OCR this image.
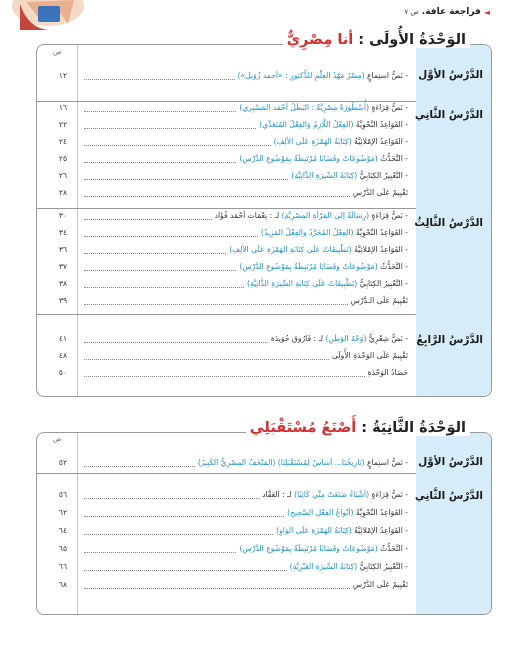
◄
فراجعة عافة.
ص ٧
ص
الدَّرْسُ الأوَّل
- نَصُّ استِماعٍ (مِصْرُ مَهْدُ العِلْمِ للدُّكتورِ : «أحمد زُوَيل»)
١٢
الدَّرْسُ الثَّانِي
- نَصُّ قِرَاءَةٍ (أُسْطُورَةٌ مِصْرِيَّةٌ : البَطَلُ أحْمَد المَسْيِري)
١٦
- القَوَاعِدُ النَّحْوِيَّةُ (الفِعْلُ اللَّازِمُ وَالفِعْلُ المُتَعَدِّي)
٢٢
- القَوَاعِدُ الإمْلائِيَّةُ (كِتَابَةُ الهَمْزَةِ عَلَى الألِفِ)
٢٤
- التَّحَدُّثُ (مَوْضُوعَاتٌ وقَضَايَا مُرْتَبِطَةٌ بِمَوْضُوعِ الدَّرْسِ)
٢٥
- التَّعْبِيرُ الكِتَابِيُّ (كِتَابَةُ السِّيرَةِ الذَّاتِيَّةِ)
٢٦
تَقْيِيمٌ عَلَى الدَّرْسِ
٢٨
الدَّرْسُ الثَّالِثُ
- نَصُّ قِرَاءَةٍ (رِسَالَةٌ إلى المَرْأةِ المِصْرِيَّةِ) لـ : نِعْمَات أحْمَد فُؤَاد
٣٠
- القَوَاعِدُ النَّحْوِيَّةُ (الفِعْلُ المُجَرَّدُ والفِعْلُ المَزِيدُ)
٣٤
- القَوَاعِدُ الإمْلائِيَّةُ (تَطْبِيقَاتٌ عَلَى كِتَابَةِ الهَمْزَةِ عَلَى الألِفِ)
٣٦
- التَّحَدُّثُ (مَوْضُوعَاتٌ وقَضَايَا مُرْتَبِطَةٌ بِمَوْضُوعِ الدَّرْسِ)
٣٧
- التَّعْبِيرُ الكِتَابِيُّ (تَطْبِيقَاتٌ عَلَى كِتَابَةِ السِّيرَةِ الذَّاتِيَّةِ)
٣٨
تَقْيِيمٌ عَلَى الـدَّرْسِ
٣٩
الدَّرْسُ الرَّابِعُ
- نَصٌّ شِعْرِيٌّ (وَجْهُ الوَطَنِ) لـ : فَارُوق جُوَيدَة
٤١
تَقْيِيمٌ عَلَى الوَحْدَةِ الأُولَى
٤٨
حَصَادُ الوَحْدَةِ
٥٠
الوَحْدَةُ الأُولَى : أنا مِصْرِيٌّ
ص
الدَّرْسُ الأوَّل
- نَصُّ استِماعٍ (تَارِيخُنَا... أسَاسٌ لِمُسْتَقْبَلِنَا) (المَتْحَفُ المِصْرِيُّ الكَبِيرُ)
٥٢
الدَّرْسُ الثَّانِي
- نَصُّ قِرَاءَةٍ (أشْيَاءُ صَنَعَتْ مِنِّي كَاتِبًا) لـ : العَقَّاد
٥٦
- القَوَاعِدُ النَّحْوِيَّةُ (أنْواعُ الفِعْلِ الصَّحِيحِ)
٦٢
- القَوَاعِدُ الإمْلائِيَّةُ (كِتَابَةُ الهَمْزَةِ عَلَى الوَاوِ)
٦٤
- التَّحَدُّثُ (مَوْضُوعَاتٌ وقَضَايَا مُرْتَبِطَةٌ بِمَوْضُوعِ الدَّرْسِ)
٦٥
- التَّعْبِيرُ الكِتَابِيُّ (كِتَابَةُ السِّيرَةِ الغَيْرِيَّةِ)
٦٦
تَقْيِيمٌ عَلَى الدَّرْسِ
٦٨
الوَحْدَةُ الثَّانِيَةُ : أَصْنَعُ مُسْتَقْبَلِي
